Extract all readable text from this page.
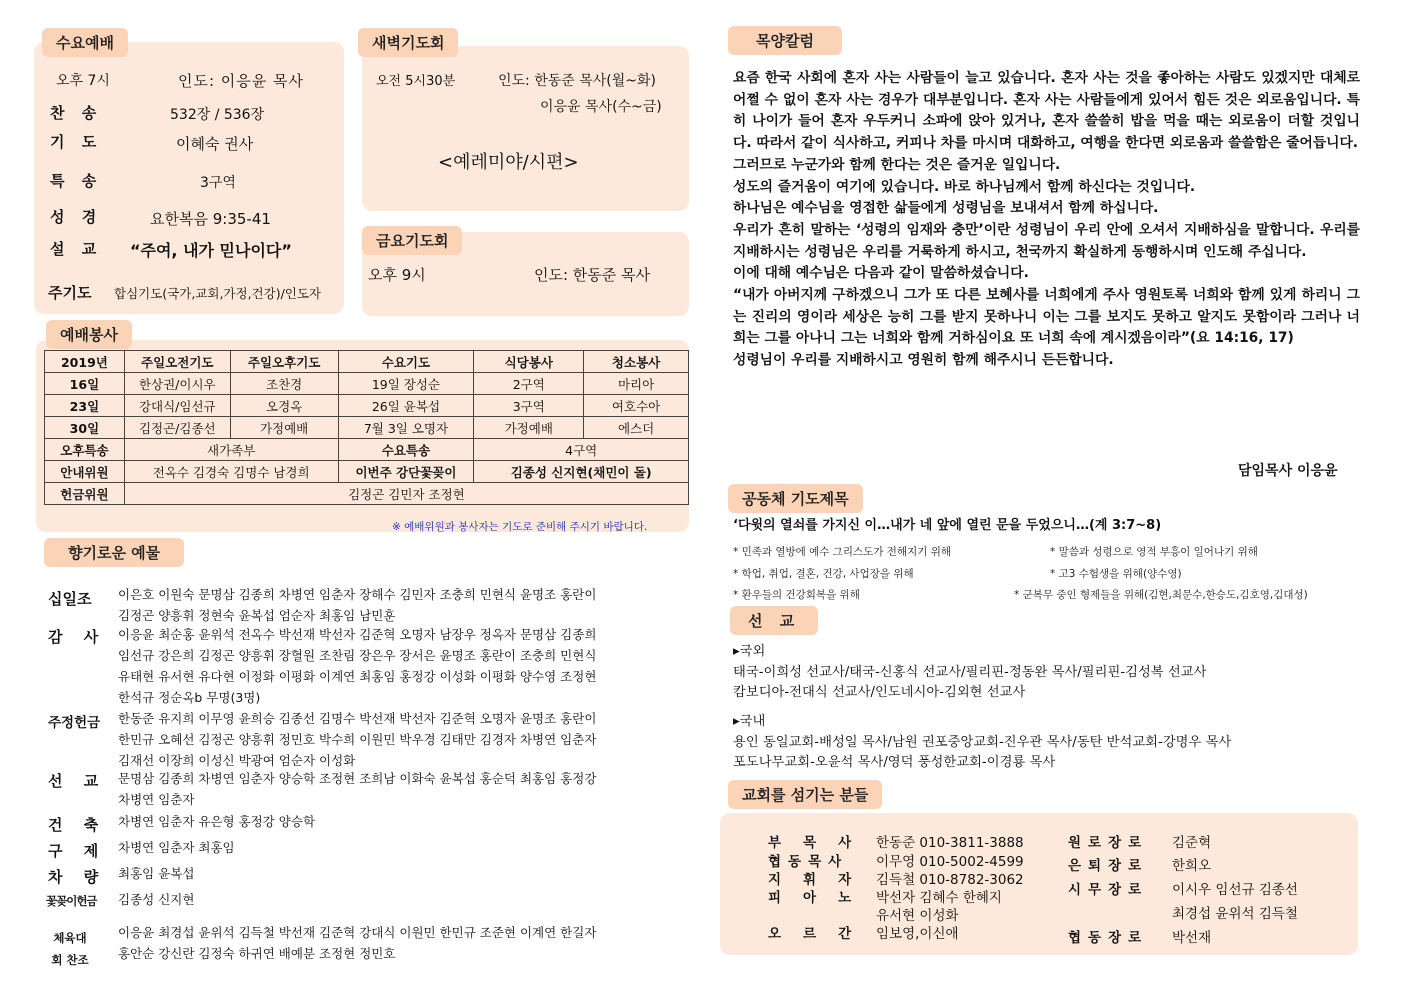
수요예배
오후 7시	인도: 이응윤 목사
찬 송	532장 / 536장
기 도	이혜숙 권사
특 송	3구역
성 경	요한복음 9:35-41
설 교 “주여, 내가 믿나이다”
주기도 합심기도(국가,교회,가정,건강)/인도자
새벽기도회
오전 5시30분	인도: 한동준 목사(월~화)
이응윤 목사(수~금)
<예레미야/시편>
금요기도회
오후 9시	인도: 한동준 목사
예배봉사
2019년	주일오전기도	주일오후기도	수요기도	식당봉사	청소봉사
16일	한상권/이시우	조찬경	19일 장성순	2구역	마리아
23일	강대식/임선규	오경옥	26일 윤복섭	3구역	여호수아
30일	김정곤/김종선	가정예배	7월 3일 오명자	가정예배	에스더
오후특송	새가족부		수요특송	4구역	
안내위원	전옥수 김경숙 김명수 남경희		이번주 강단꽃꽂이	김종성 신지현(채민이 돌)	
헌금위원	김정곤 김민자 조정현				
※ 예배위원과 봉사자는 기도로 준비해 주시기 바랍니다.
향기로운 예물
십일조 이은호 이원숙 문명삼 김종희 차병연 임춘자 장해수 김민자 조충희 민현식 윤명조 홍란이
김정곤 양흥휘 정현숙 윤복섭 엄순자 최홍임 남민훈
감 사 이응윤 최순홍 윤위석 전옥수 박선재 박선자 김준혁 오명자 남장우 정옥자 문명삼 김종희
임선규 강은희 김정곤 양흥휘 장혈원 조찬림 장은우 장서은 윤명조 홍란이 조충희 민현식
유태현 유서현 유다현 이정화 이평화 이계연 최홍임 홍정강 이성화 이평화 양수영 조정현
한석규 정순옥b 무명(3명)
주정헌금 한동준 유지희 이무영 윤희승 김종선 김명수 박선재 박선자 김준혁 오명자 윤명조 홍란이
한민규 오혜선 김정곤 양흥휘 정민호 박수희 이원민 박우경 김태만 김경자 차병연 임춘자
김재선 이장희 이성신 박광여 엄순자 이성화
선 교 문명삼 김종희 차병연 임춘자 양승학 조정현 조희남 이화숙 윤복섭 홍순덕 최홍임 홍정강
차병연 임춘자
건 축 차병연 임춘자 유은형 홍정강 양승학
구 제 차병연 임춘자 최홍임
차 량 최홍임 윤복섭
꽃꽂이헌금 김종성 신지현
체육대회 찬조
이응윤 최경섭 윤위석 김득철 박선재 김준혁 강대식 이원민 한민규 조준현 이계연 한길자
홍안순 강신란 김정숙 하귀연 배예분 조정현 정민호
목양칼럼

요즘 한국 사회에 혼자 사는 사람들이 늘고 있습니다. 혼자 사는 것을 좋아하는 사람도 있겠지만 대체로 어쩔 수 없이 혼자 사는 경우가 대부분입니다. 혼자 사는 사람들에게 있어서 힘든 것은 외로움입니다. 특히 나이가 들어 혼자 우두커니 소파에 앉아 있거나, 혼자 쓸쓸히 밥을 먹을 때는 외로움이 더할 것입니다. 따라서 같이 식사하고, 커피나 차를 마시며 대화하고, 여행을 한다면 외로움과 쓸쓸함은 줄어듭니다.

그러므로 누군가와 함께 한다는 것은 즐거운 일입니다.

성도의 즐거움이 여기에 있습니다. 바로 하나님께서 함께 하신다는 것입니다.

하나님은 예수님을 영접한 삶들에게 성령님을 보내셔서 함께 하십니다.

우리가 흔히 말하는 ‘성령의 임재와 충만’이란 성령님이 우리 안에 오셔서 지배하심을 말합니다. 우리를 지배하시는 성령님은 우리를 거룩하게 하시고, 천국까지 확실하게 동행하시며 인도해 주십니다.

이에 대해 예수님은 다음과 같이 말씀하셨습니다.

“내가 아버지께 구하겠으니 그가 또 다른 보혜사를 너희에게 주사 영원토록 너희와 함께 있게 하리니 그는 진리의 영이라 세상은 능히 그를 받지 못하나니 이는 그를 보지도 못하고 알지도 못함이라 그러나 너희는 그를 아나니 그는 너희와 함께 거하심이요 또 너희 속에 계시겠음이라”(요 14:16, 17)

성령님이 우리를 지배하시고 영원히 함께 해주시니 든든합니다.

담임목사 이응윤
공동체 기도제목
‘다윗의 열쇠를 가지신 이…내가 네 앞에 열린 문을 두었으니…(계 3:7~8)
* 민족과 열방에 예수 그리스도가 전해지기 위해	* 말씀과 성령으로 영적 부흥이 일어나기 위해
* 학업, 취업, 결혼, 건강, 사업장을 위해	* 고3 수험생을 위해(양수영)
* 환우들의 건강회복을 위해	* 군복무 중인 형제들을 위해(김현,최문수,한승도,김호영,김대성)
선 교
▸국외
태국-이희성 선교사/태국-신홍식 선교사/필리핀-정동완 목사/필리핀-김성복 선교사
캄보디아-전대식 선교사/인도네시아-김외현 선교사
▸국내
용인 동일교회-배성일 목사/남원 권포중앙교회-진우관 목사/동탄 반석교회-강명우 목사
포도나무교회-오윤석 목사/영덕 풍성한교회-이경룡 목사
교회를 섬기는 분들
부목사 한동준 010-3811-3888
협동목사 이무영 010-5002-4599
지휘자 김득철 010-8782-3062
피아노 박선자 김혜수 한혜지
유서현 이성화
오르간 임보영,이신애
원로장로 김준혁
은퇴장로 한희오
시무장로 이시우 임선규 김종선
최경섭 윤위석 김득철
협동장로 박선재
